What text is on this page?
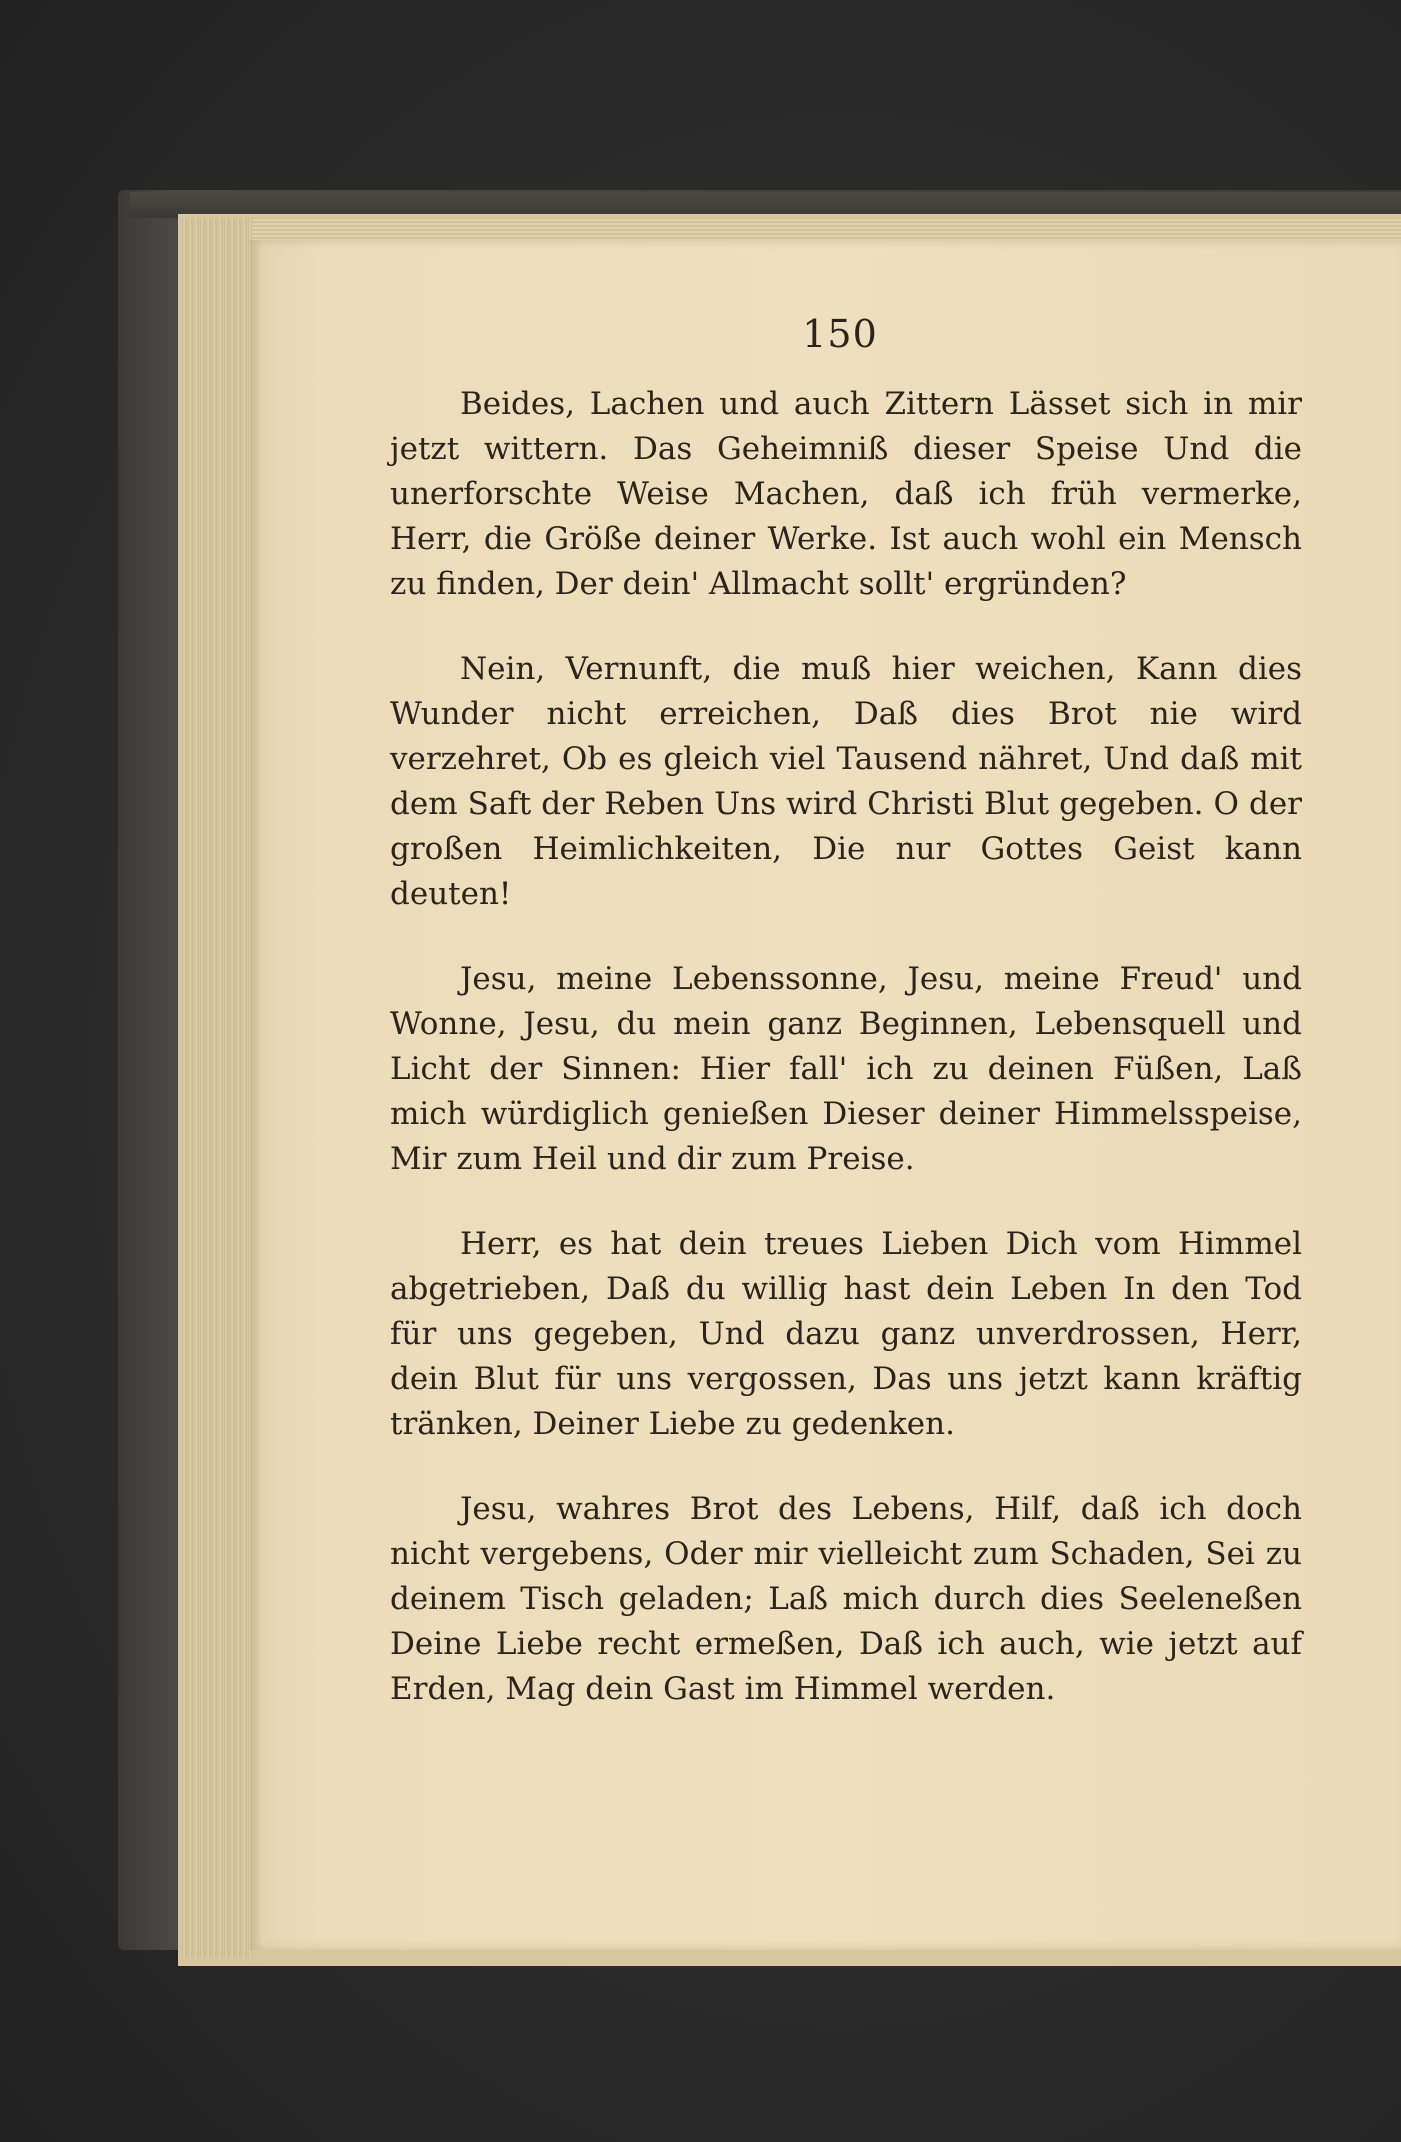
150

Beides, Lachen und auch Zittern Lässet sich in mir jetzt wittern. Das Geheimniß dieser Speise Und die unerforschte Weise Machen, daß ich früh vermerke, Herr, die Größe deiner Werke. Ist auch wohl ein Mensch zu finden, Der dein' Allmacht sollt' ergründen?

Nein, Vernunft, die muß hier weichen, Kann dies Wunder nicht erreichen, Daß dies Brot nie wird verzehret, Ob es gleich viel Tausend nähret, Und daß mit dem Saft der Reben Uns wird Christi Blut gegeben. O der großen Heimlichkeiten, Die nur Gottes Geist kann deuten!

Jesu, meine Lebenssonne, Jesu, meine Freud' und Wonne, Jesu, du mein ganz Beginnen, Lebensquell und Licht der Sinnen: Hier fall' ich zu deinen Füßen, Laß mich würdiglich genießen Dieser deiner Himmelsspeise, Mir zum Heil und dir zum Preise.

Herr, es hat dein treues Lieben Dich vom Himmel abgetrieben, Daß du willig hast dein Leben In den Tod für uns gegeben, Und dazu ganz unverdrossen, Herr, dein Blut für uns vergossen, Das uns jetzt kann kräftig tränken, Deiner Liebe zu gedenken.

Jesu, wahres Brot des Lebens, Hilf, daß ich doch nicht vergebens, Oder mir vielleicht zum Schaden, Sei zu deinem Tisch geladen; Laß mich durch dies Seeleneßen Deine Liebe recht ermeßen, Daß ich auch, wie jetzt auf Erden, Mag dein Gast im Himmel werden.
